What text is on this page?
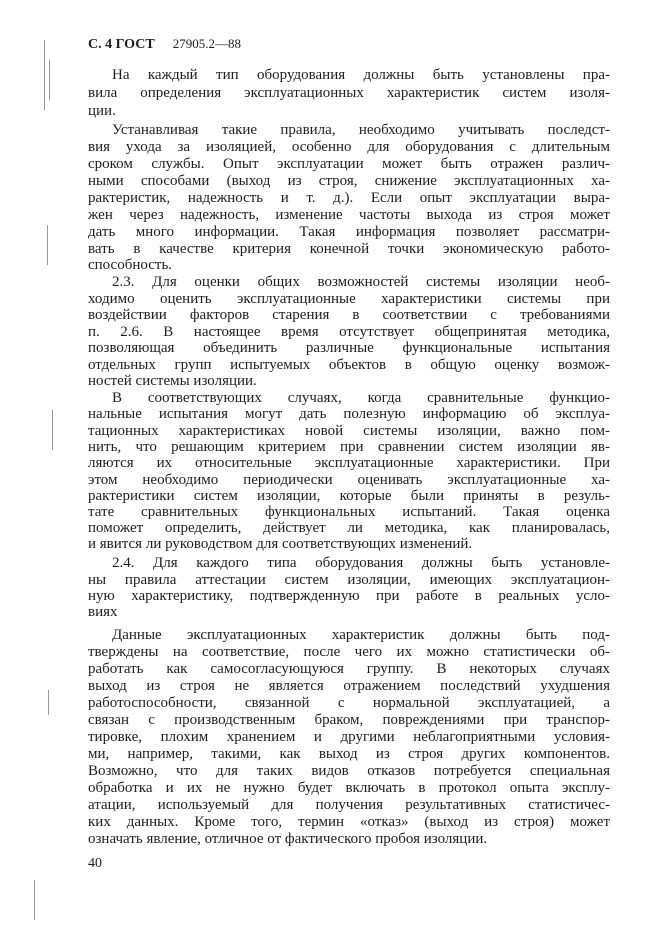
С. 4 ГОСТ 27905.2—88
На каждый тип оборудования должны быть установлены пра-
вила определения эксплуатационных характеристик систем изоля-
ции.
Устанавливая такие правила, необходимо учитывать последст-
вия ухода за изоляцией, особенно для оборудования с длительным
сроком службы. Опыт эксплуатации может быть отражен различ-
ными способами (выход из строя, снижение эксплуатационных ха-
рактеристик, надежность и т. д.). Если опыт эксплуатации выра-
жен через надежность, изменение частоты выхода из строя может
дать много информации. Такая информация позволяет рассматри-
вать в качестве критерия конечной точки экономическую работо-
способность.
2.3. Для оценки общих возможностей системы изоляции необ-
ходимо оценить эксплуатационные характеристики системы при
воздействии факторов старения в соответствии с требованиями
п. 2.6. В настоящее время отсутствует общепринятая методика,
позволяющая объединить различные функциональные испытания
отдельных групп испытуемых объектов в общую оценку возмож-
ностей системы изоляции.
В соответствующих случаях, когда сравнительные функцио-
нальные испытания могут дать полезную информацию об эксплуа-
тационных характеристиках новой системы изоляции, важно пом-
нить, что решающим критерием при сравнении систем изоляции яв-
ляются их относительные эксплуатационные характеристики. При
этом необходимо периодически оценивать эксплуатационные ха-
рактеристики систем изоляции, которые были приняты в резуль-
тате сравнительных функциональных испытаний. Такая оценка
поможет определить, действует ли методика, как планировалась,
и явится ли руководством для соответствующих изменений.
2.4. Для каждого типа оборудования должны быть установле-
ны правила аттестации систем изоляции, имеющих эксплуатацион-
ную характеристику, подтвержденную при работе в реальных усло-
виях
Данные эксплуатационных характеристик должны быть под-
тверждены на соответствие, после чего их можно статистически об-
работать как самосогласующуюся группу. В некоторых случаях
выход из строя не является отражением последствий ухудшения
работоспособности, связанной с нормальной эксплуатацией, а
связан с производственным браком, повреждениями при транспор-
тировке, плохим хранением и другими неблагоприятными условия-
ми, например, такими, как выход из строя других компонентов.
Возможно, что для таких видов отказов потребуется специальная
обработка и их не нужно будет включать в протокол опыта эксплу-
атации, используемый для получения результативных статистичес-
ких данных. Кроме того, термин «отказ» (выход из строя) может
означать явление, отличное от фактического пробоя изоляции.
40
